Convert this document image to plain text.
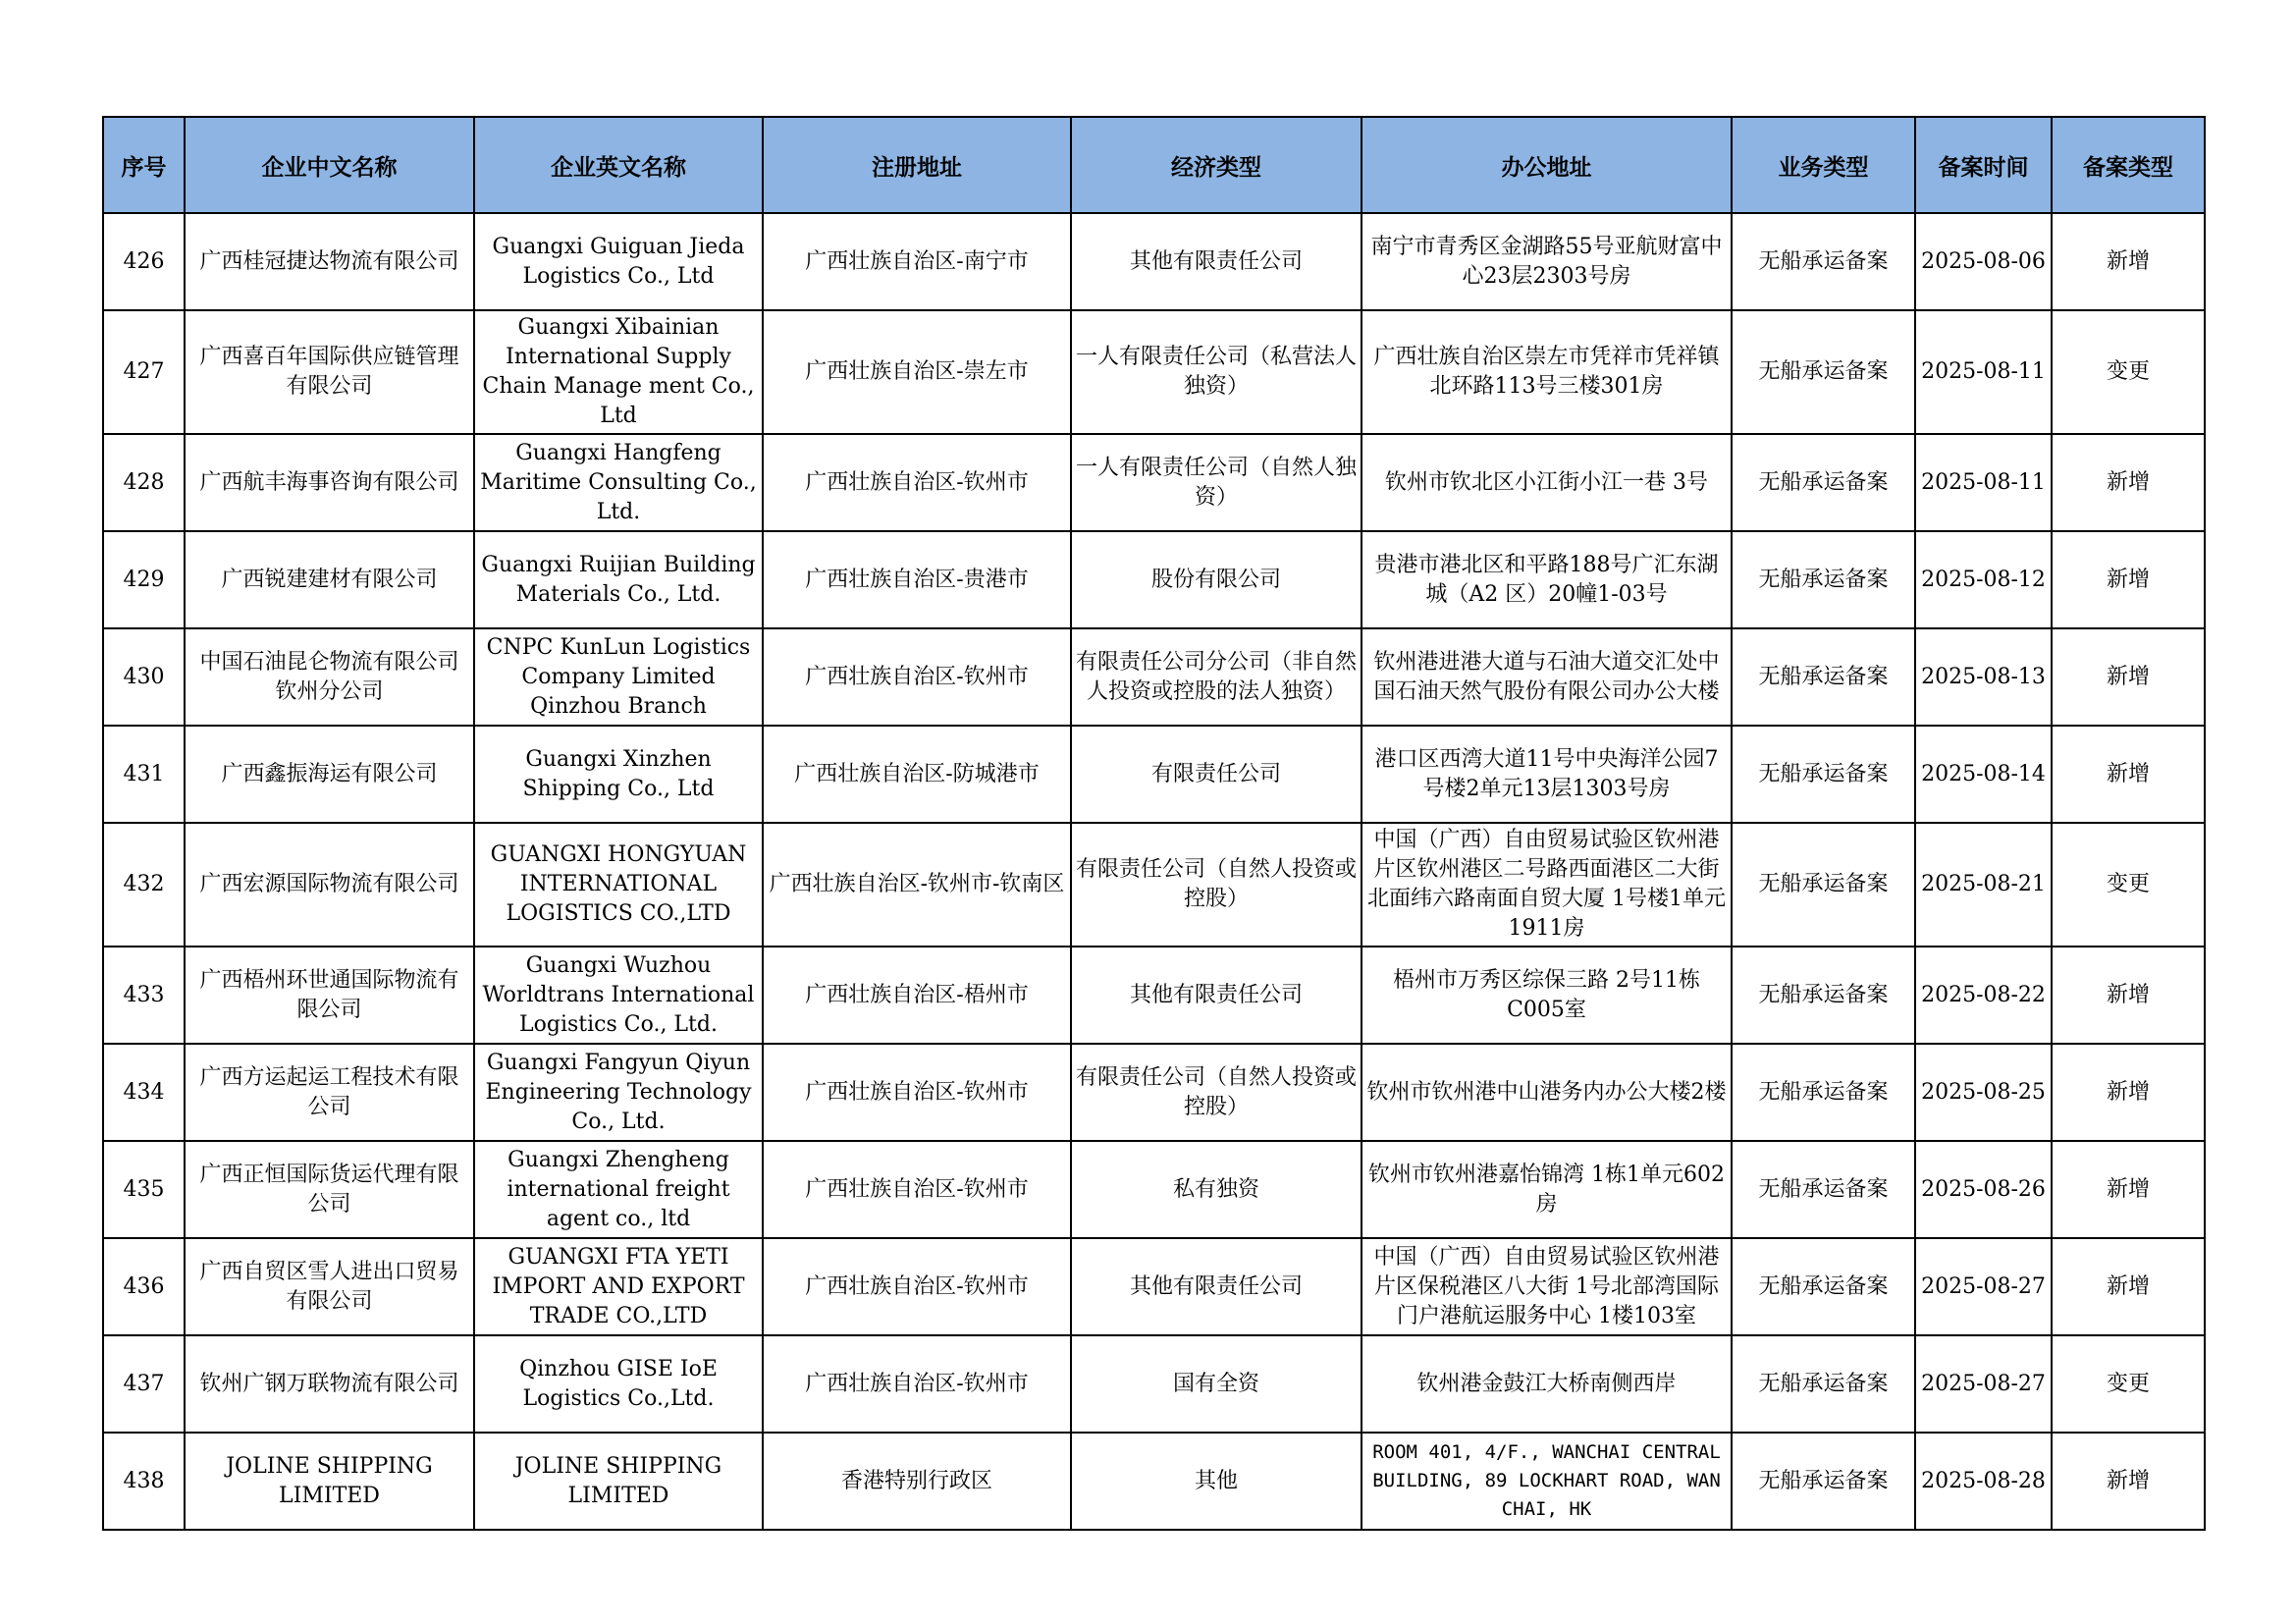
序号	企业中文名称	企业英文名称	注册地址	经济类型	办公地址	业务类型	备案时间	备案类型
426	广西桂冠捷达物流有限公司	Guangxi Guiguan Jieda Logistics Co., Ltd	广西壮族自治区-南宁市	其他有限责任公司	南宁市青秀区金湖路55号亚航财富中心23层2303号房	无船承运备案	2025-08-06	新增
427	广西喜百年国际供应链管理有限公司	Guangxi Xibainian International Supply Chain Manage ment Co., Ltd	广西壮族自治区-崇左市	一人有限责任公司（私营法人独资）	广西壮族自治区崇左市凭祥市凭祥镇北环路113号三楼301房	无船承运备案	2025-08-11	变更
428	广西航丰海事咨询有限公司	Guangxi Hangfeng Maritime Consulting Co., Ltd.	广西壮族自治区-钦州市	一人有限责任公司（自然人独资）	钦州市钦北区小江街小江一巷 3号	无船承运备案	2025-08-11	新增
429	广西锐建建材有限公司	Guangxi Ruijian Building Materials Co., Ltd.	广西壮族自治区-贵港市	股份有限公司	贵港市港北区和平路188号广汇东湖城（A2 区）20幢1-03号	无船承运备案	2025-08-12	新增
430	中国石油昆仑物流有限公司钦州分公司	CNPC KunLun Logistics Company Limited Qinzhou Branch	广西壮族自治区-钦州市	有限责任公司分公司（非自然人投资或控股的法人独资）	钦州港进港大道与石油大道交汇处中国石油天然气股份有限公司办公大楼	无船承运备案	2025-08-13	新增
431	广西鑫振海运有限公司	Guangxi Xinzhen Shipping Co., Ltd	广西壮族自治区-防城港市	有限责任公司	港口区西湾大道11号中央海洋公园7号楼2单元13层1303号房	无船承运备案	2025-08-14	新增
432	广西宏源国际物流有限公司	GUANGXI HONGYUAN INTERNATIONAL LOGISTICS CO.,LTD	广西壮族自治区-钦州市-钦南区	有限责任公司（自然人投资或控股）	中国（广西）自由贸易试验区钦州港片区钦州港区二号路西面港区二大街北面纬六路南面自贸大厦 1号楼1单元1911房	无船承运备案	2025-08-21	变更
433	广西梧州环世通国际物流有限公司	Guangxi Wuzhou Worldtrans International Logistics Co., Ltd.	广西壮族自治区-梧州市	其他有限责任公司	梧州市万秀区综保三路 2号11栋C005室	无船承运备案	2025-08-22	新增
434	广西方运起运工程技术有限公司	Guangxi Fangyun Qiyun Engineering Technology Co., Ltd.	广西壮族自治区-钦州市	有限责任公司（自然人投资或控股）	钦州市钦州港中山港务内办公大楼2楼	无船承运备案	2025-08-25	新增
435	广西正恒国际货运代理有限公司	Guangxi Zhengheng international freight agent co., ltd	广西壮族自治区-钦州市	私有独资	钦州市钦州港嘉怡锦湾 1栋1单元602房	无船承运备案	2025-08-26	新增
436	广西自贸区雪人进出口贸易有限公司	GUANGXI FTA YETI IMPORT AND EXPORT TRADE CO.,LTD	广西壮族自治区-钦州市	其他有限责任公司	中国（广西）自由贸易试验区钦州港片区保税港区八大街 1号北部湾国际门户港航运服务中心 1楼103室	无船承运备案	2025-08-27	新增
437	钦州广钢万联物流有限公司	Qinzhou GISE IoE Logistics Co.,Ltd.	广西壮族自治区-钦州市	国有全资	钦州港金鼓江大桥南侧西岸	无船承运备案	2025-08-27	变更
438	JOLINE SHIPPING LIMITED	JOLINE SHIPPING LIMITED	香港特别行政区	其他	ROOM 401, 4/F., WANCHAI CENTRAL BUILDING, 89 LOCKHART ROAD, WAN CHAI, HK	无船承运备案	2025-08-28	新增
